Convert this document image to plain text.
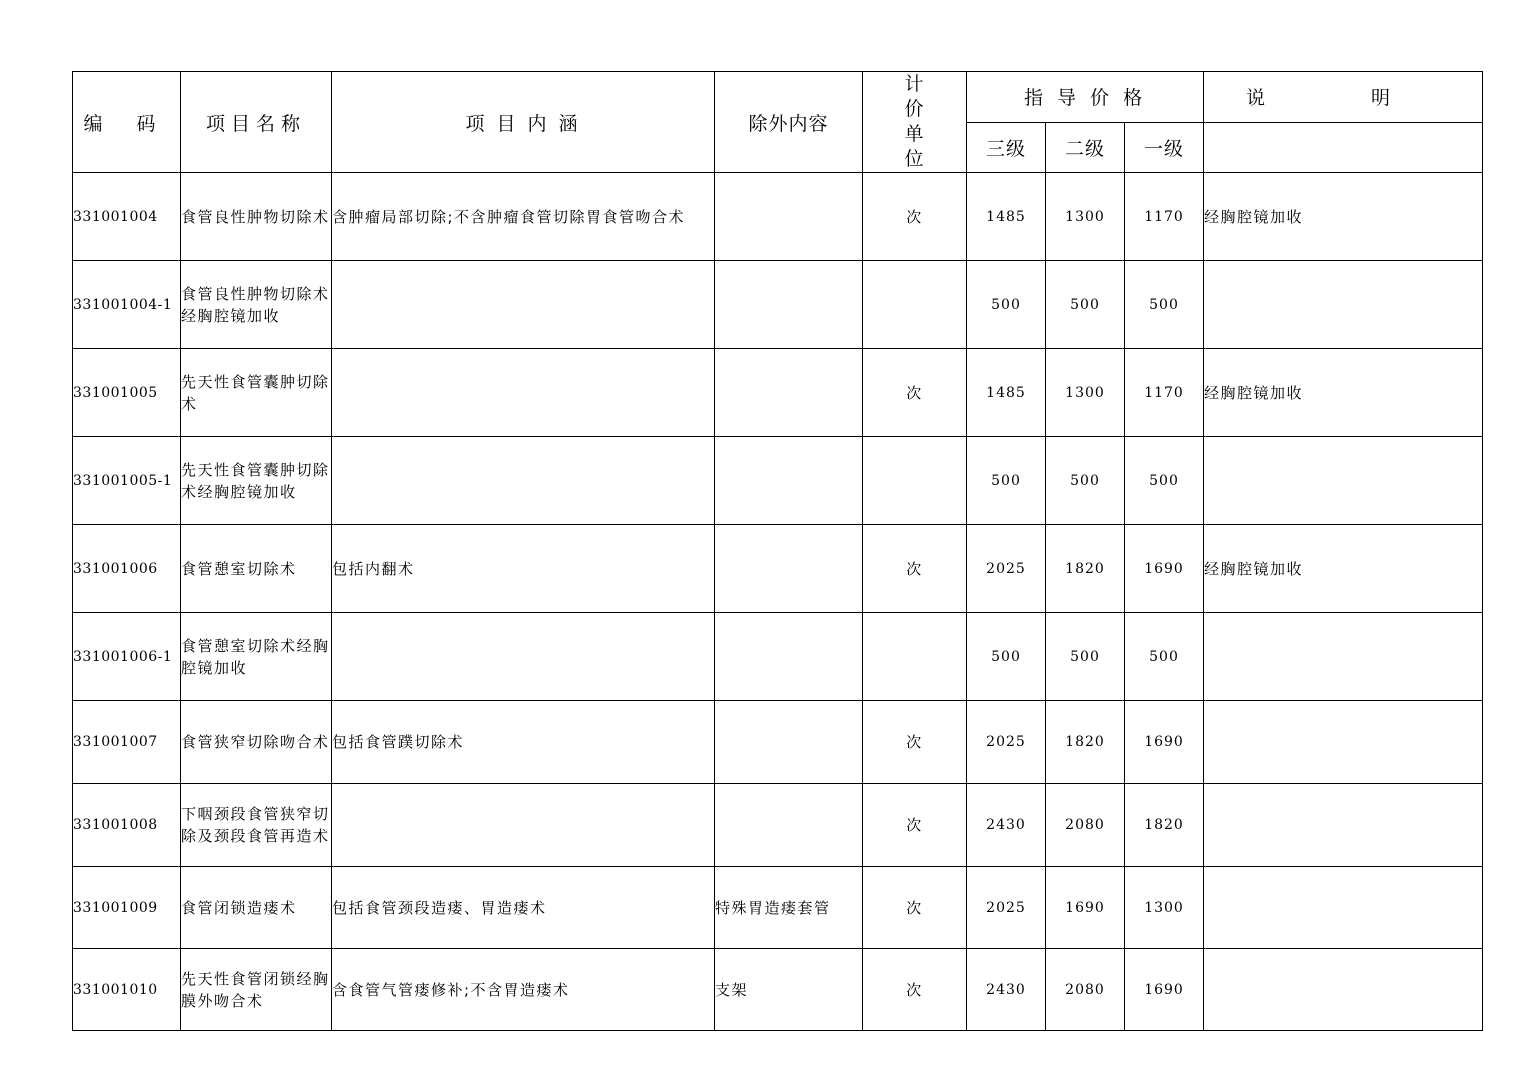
编 码	项目名称	项 目 内 涵	除外内容	计价单位	指 导 价 格			说 明
					三级	二级	一级	
331001004	食管良性肿物切除术	含肿瘤局部切除;不含肿瘤食管切除胃食管吻合术		次	1485	1300	1170	经胸腔镜加收
331001004-1	食管良性肿物切除术经胸腔镜加收				500	500	500	
331001005	先天性食管囊肿切除术			次	1485	1300	1170	经胸腔镜加收
331001005-1	先天性食管囊肿切除术经胸腔镜加收				500	500	500	
331001006	食管憩室切除术	包括内翻术		次	2025	1820	1690	经胸腔镜加收
331001006-1	食管憩室切除术经胸腔镜加收				500	500	500	
331001007	食管狭窄切除吻合术	包括食管蹼切除术		次	2025	1820	1690	
331001008	下咽颈段食管狭窄切除及颈段食管再造术			次	2430	2080	1820	
331001009	食管闭锁造瘘术	包括食管颈段造瘘、胃造瘘术	特殊胃造瘘套管	次	2025	1690	1300	
331001010	先天性食管闭锁经胸膜外吻合术	含食管气管瘘修补;不含胃造瘘术	支架	次	2430	2080	1690	
